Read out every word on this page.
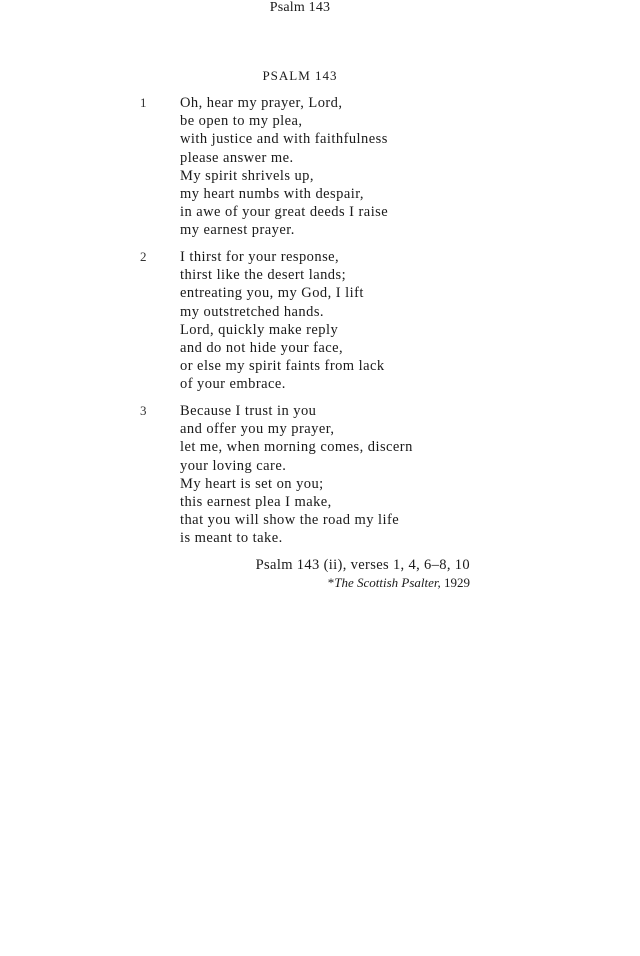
Psalm 143
PSALM 143
1 Oh, hear my prayer, Lord,
be open to my plea,
with justice and with faithfulness
please answer me.
My spirit shrivels up,
my heart numbs with despair,
in awe of your great deeds I raise
my earnest prayer.
2 I thirst for your response,
thirst like the desert lands;
entreating you, my God, I lift
my outstretched hands.
Lord, quickly make reply
and do not hide your face,
or else my spirit faints from lack
of your embrace.
3 Because I trust in you
and offer you my prayer,
let me, when morning comes, discern
your loving care.
My heart is set on you;
this earnest plea I make,
that you will show the road my life
is meant to take.
Psalm 143 (ii), verses 1, 4, 6–8, 10
*The Scottish Psalter, 1929
